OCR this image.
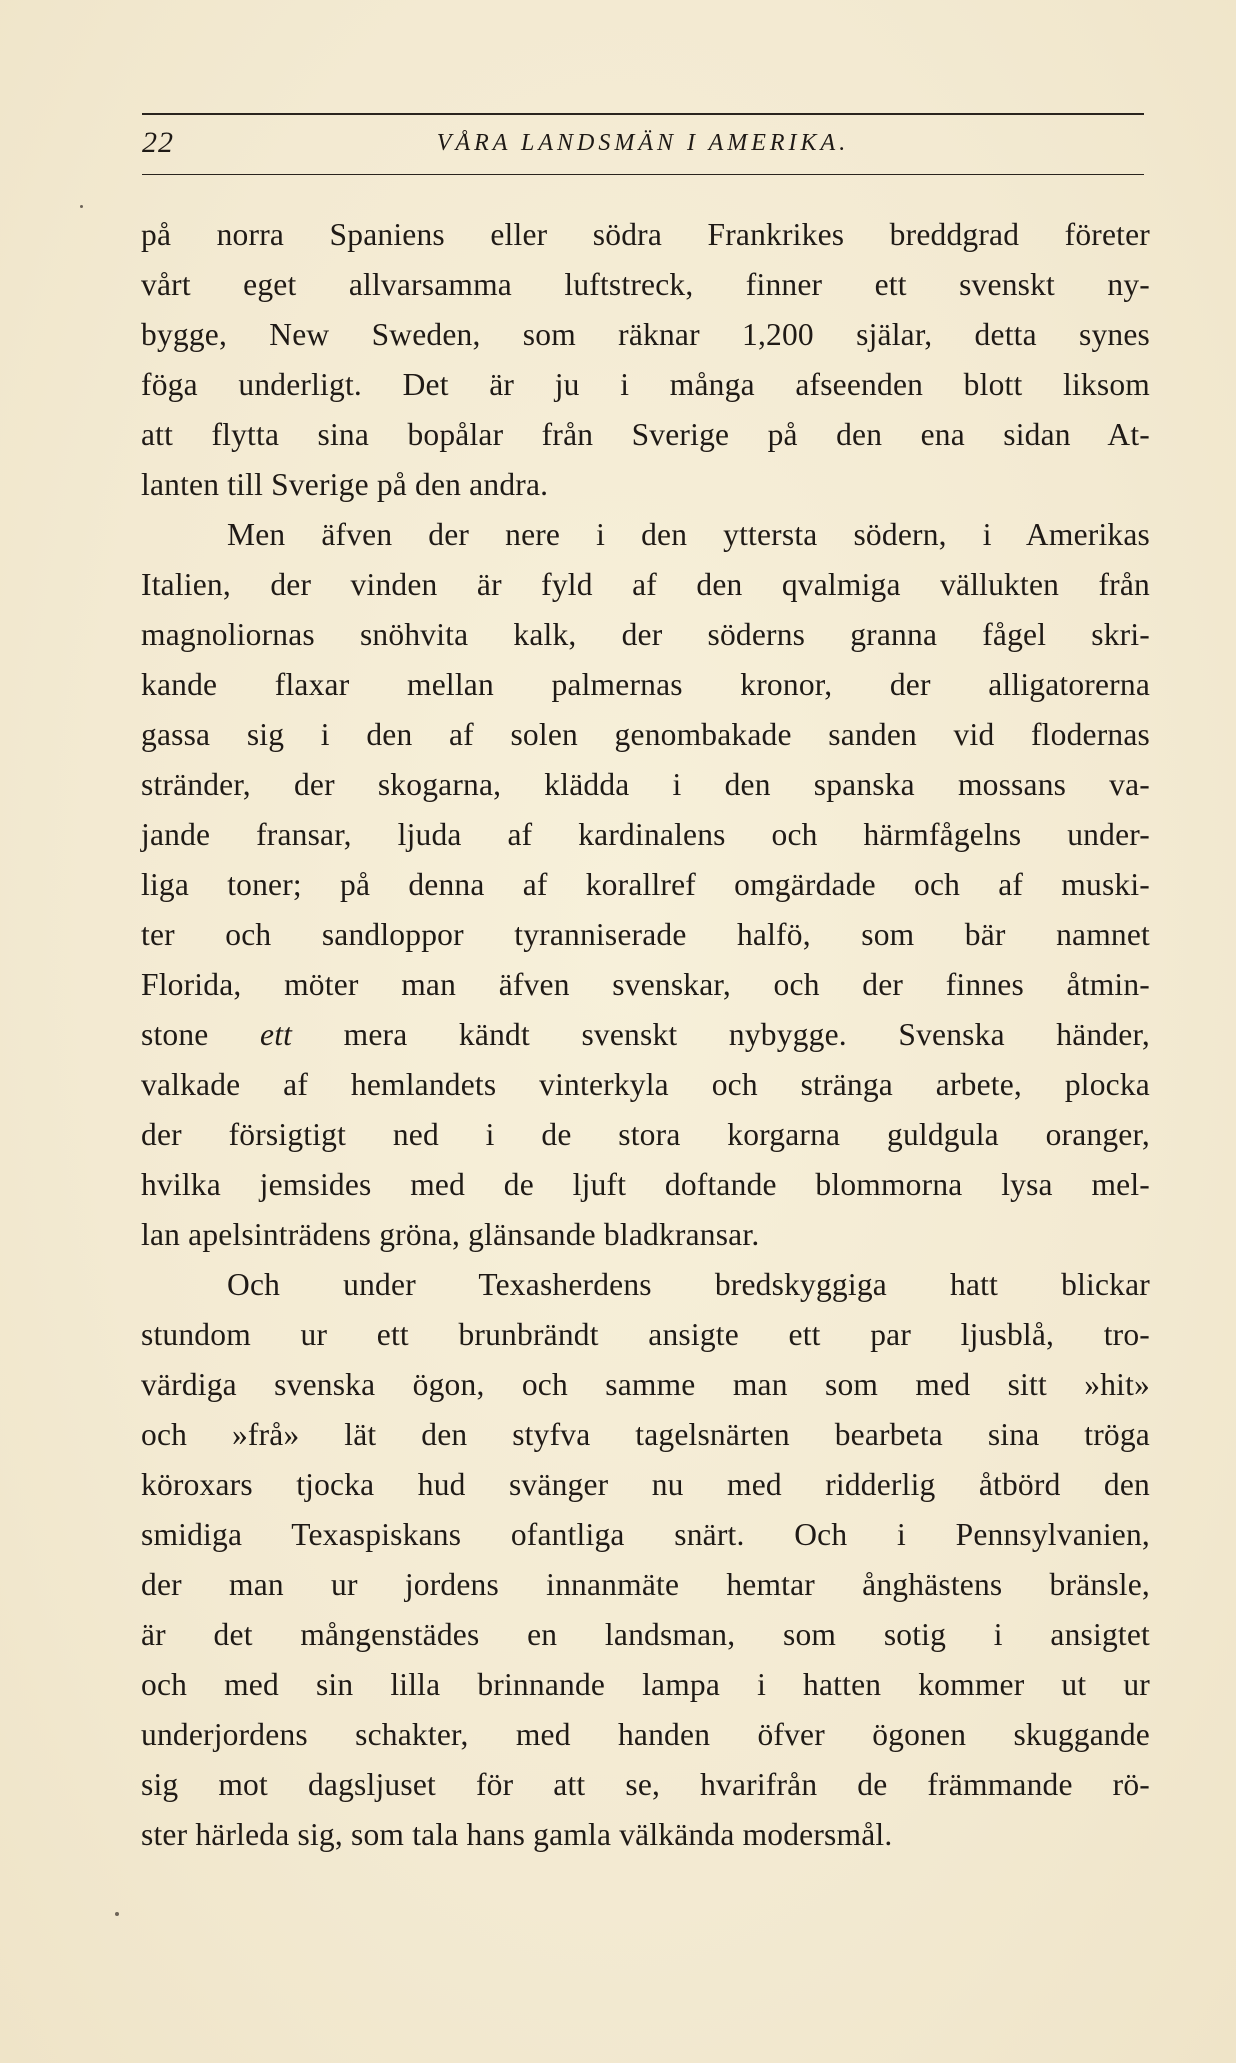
22	VÅRA LANDSMÄN I AMERIKA.
på norra Spaniens eller södra Frankrikes breddgrad företer
vårt eget allvarsamma luftstreck, finner ett svenskt ny-
bygge, New Sweden, som räknar 1,200 själar, detta synes
föga underligt. Det är ju i många afseenden blott liksom
att flytta sina bopålar från Sverige på den ena sidan At-
lanten till Sverige på den andra.
Men äfven der nere i den yttersta södern, i Amerikas
Italien, der vinden är fyld af den qvalmiga vällukten från
magnoliornas snöhvita kalk, der söderns granna fågel skri-
kande flaxar mellan palmernas kronor, der alligatorerna
gassa sig i den af solen genombakade sanden vid flodernas
stränder, der skogarna, klädda i den spanska mossans va-
jande fransar, ljuda af kardinalens och härmfågelns under-
liga toner; på denna af korallref omgärdade och af muski-
ter och sandloppor tyranniserade halfö, som bär namnet
Florida, möter man äfven svenskar, och der finnes åtmin-
stone ett mera kändt svenskt nybygge. Svenska händer,
valkade af hemlandets vinterkyla och stränga arbete, plocka
der försigtigt ned i de stora korgarna guldgula oranger,
hvilka jemsides med de ljuft doftande blommorna lysa mel-
lan apelsinträdens gröna, glänsande bladkransar.
Och under Texasherdens bredskyggiga hatt blickar
stundom ur ett brunbrändt ansigte ett par ljusblå, tro-
värdiga svenska ögon, och samme man som med sitt »hit»
och »frå» lät den styfva tagelsnärten bearbeta sina tröga
köroxars tjocka hud svänger nu med ridderlig åtbörd den
smidiga Texaspiskans ofantliga snärt. Och i Pennsylvanien,
der man ur jordens innanmäte hemtar ånghästens bränsle,
är det mångenstädes en landsman, som sotig i ansigtet
och med sin lilla brinnande lampa i hatten kommer ut ur
underjordens schakter, med handen öfver ögonen skuggande
sig mot dagsljuset för att se, hvarifrån de främmande rö-
ster härleda sig, som tala hans gamla välkända modersmål.
